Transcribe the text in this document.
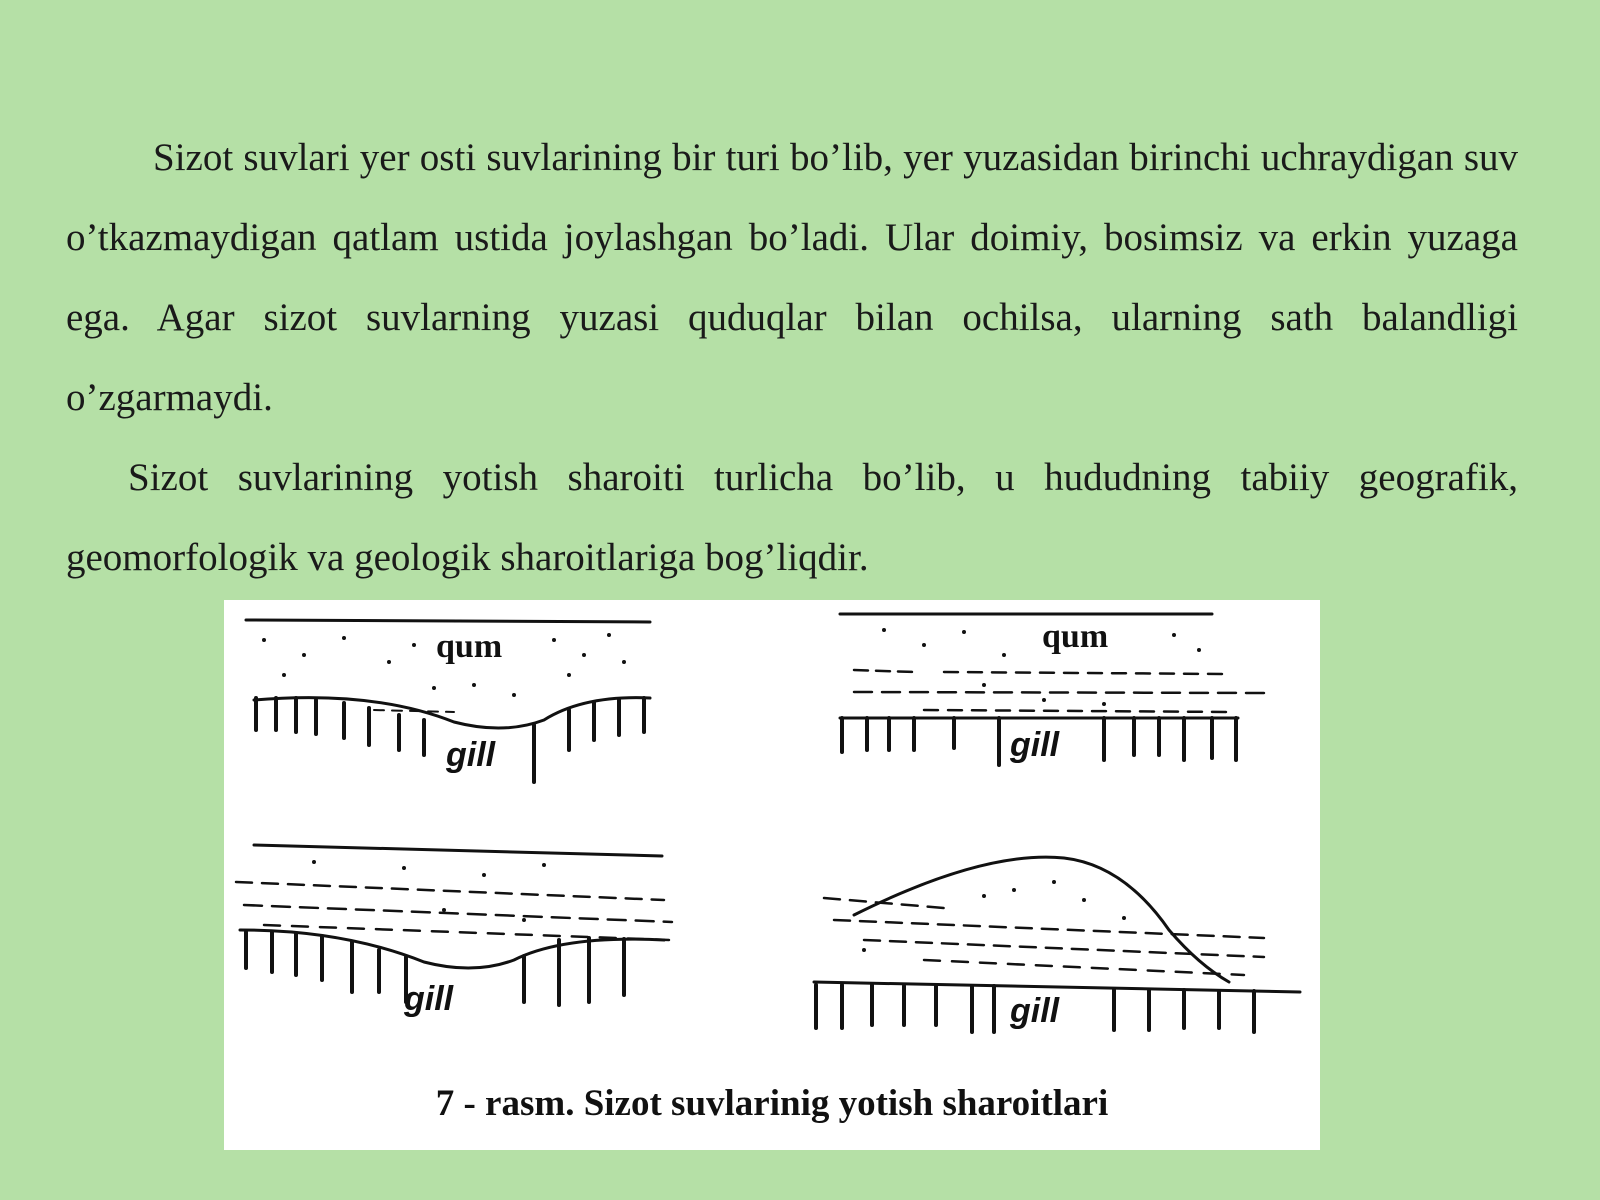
Sizot suvlari yer osti suvlarining bir turi bo’lib, yer yuzasidan birinchi uchraydigan suv o’tkazmaydigan qatlam ustida joylashgan bo’ladi. Ular doimiy, bosimsiz va erkin yuzaga ega. Agar sizot suvlarning yuzasi quduqlar bilan ochilsa, ularning sath balandligi o’zgarmaydi.

Sizot suvlarining yotish sharoiti turlicha bo’lib, u hududning tabiiy geografik, geomorfologik va geologik sharoitlariga bog’liqdir.

qum
gill
qum
gill
gill	gill
7 - rasm. Sizot suvlarinig yotish sharoitlari
